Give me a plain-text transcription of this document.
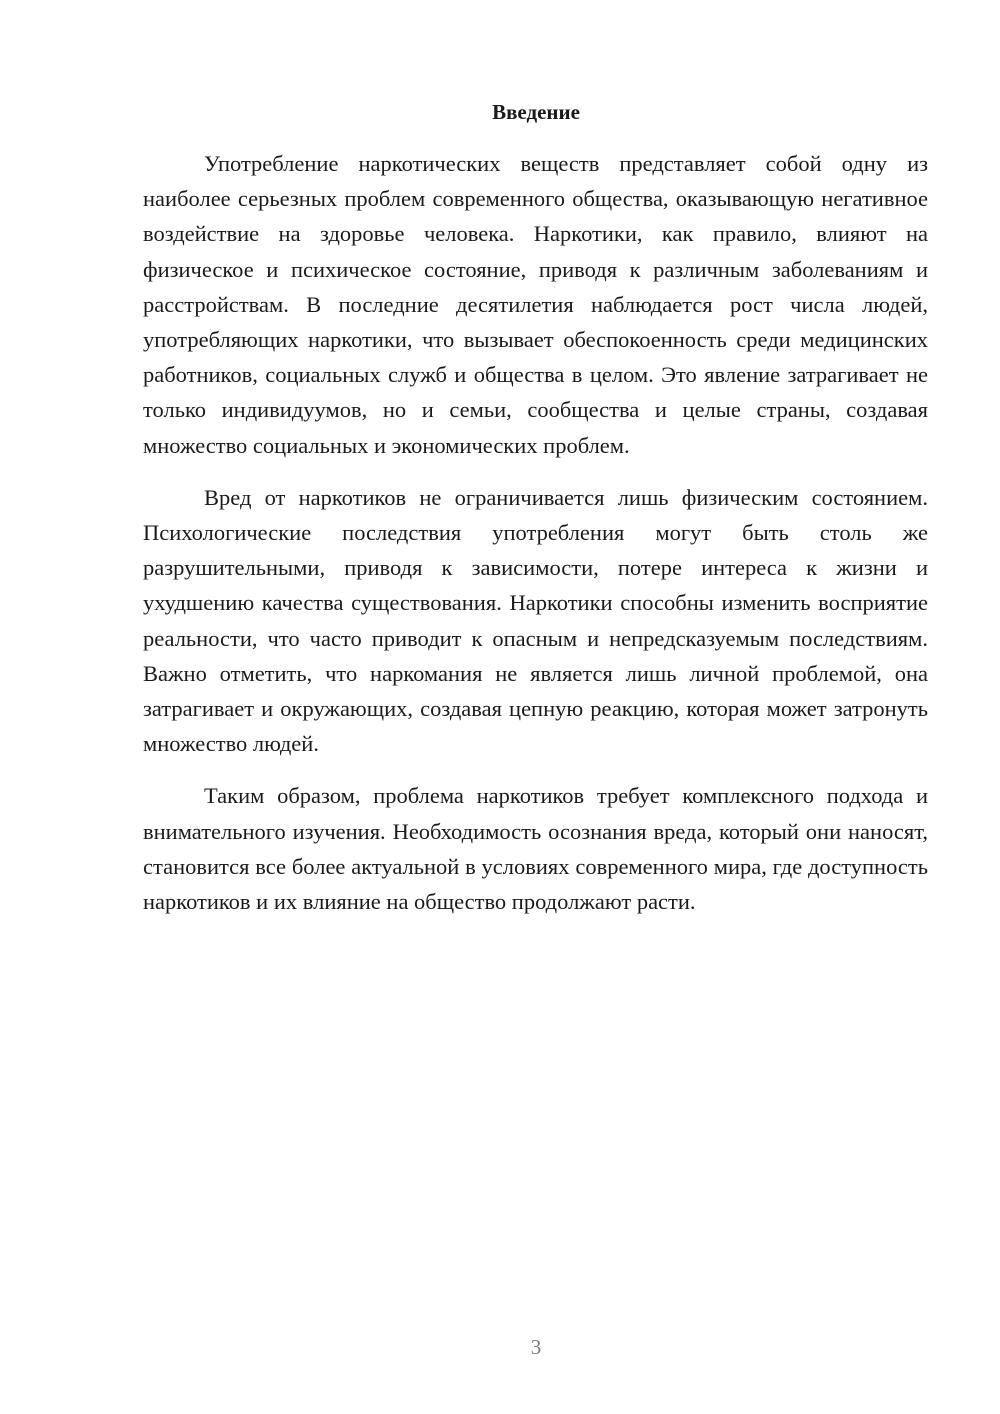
Введение

Употребление наркотических веществ представляет собой одну из наиболее серьезных проблем современного общества, оказывающую негативное воздействие на здоровье человека. Наркотики, как правило, влияют на физическое и психическое состояние, приводя к различным заболеваниям и расстройствам. В последние десятилетия наблюдается рост числа людей, употребляющих наркотики, что вызывает обеспокоенность среди медицинских работников, социальных служб и общества в целом. Это явление затрагивает не только индивидуумов, но и семьи, сообщества и целые страны, создавая множество социальных и экономических проблем.

Вред от наркотиков не ограничивается лишь физическим состоянием. Психологические последствия употребления могут быть столь же разрушительными, приводя к зависимости, потере интереса к жизни и ухудшению качества существования. Наркотики способны изменить восприятие реальности, что часто приводит к опасным и непредсказуемым последствиям. Важно отметить, что наркомания не является лишь личной проблемой, она затрагивает и окружающих, создавая цепную реакцию, которая может затронуть множество людей.

Таким образом, проблема наркотиков требует комплексного подхода и внимательного изучения. Необходимость осознания вреда, который они наносят, становится все более актуальной в условиях современного мира, где доступность наркотиков и их влияние на общество продолжают расти.

3
